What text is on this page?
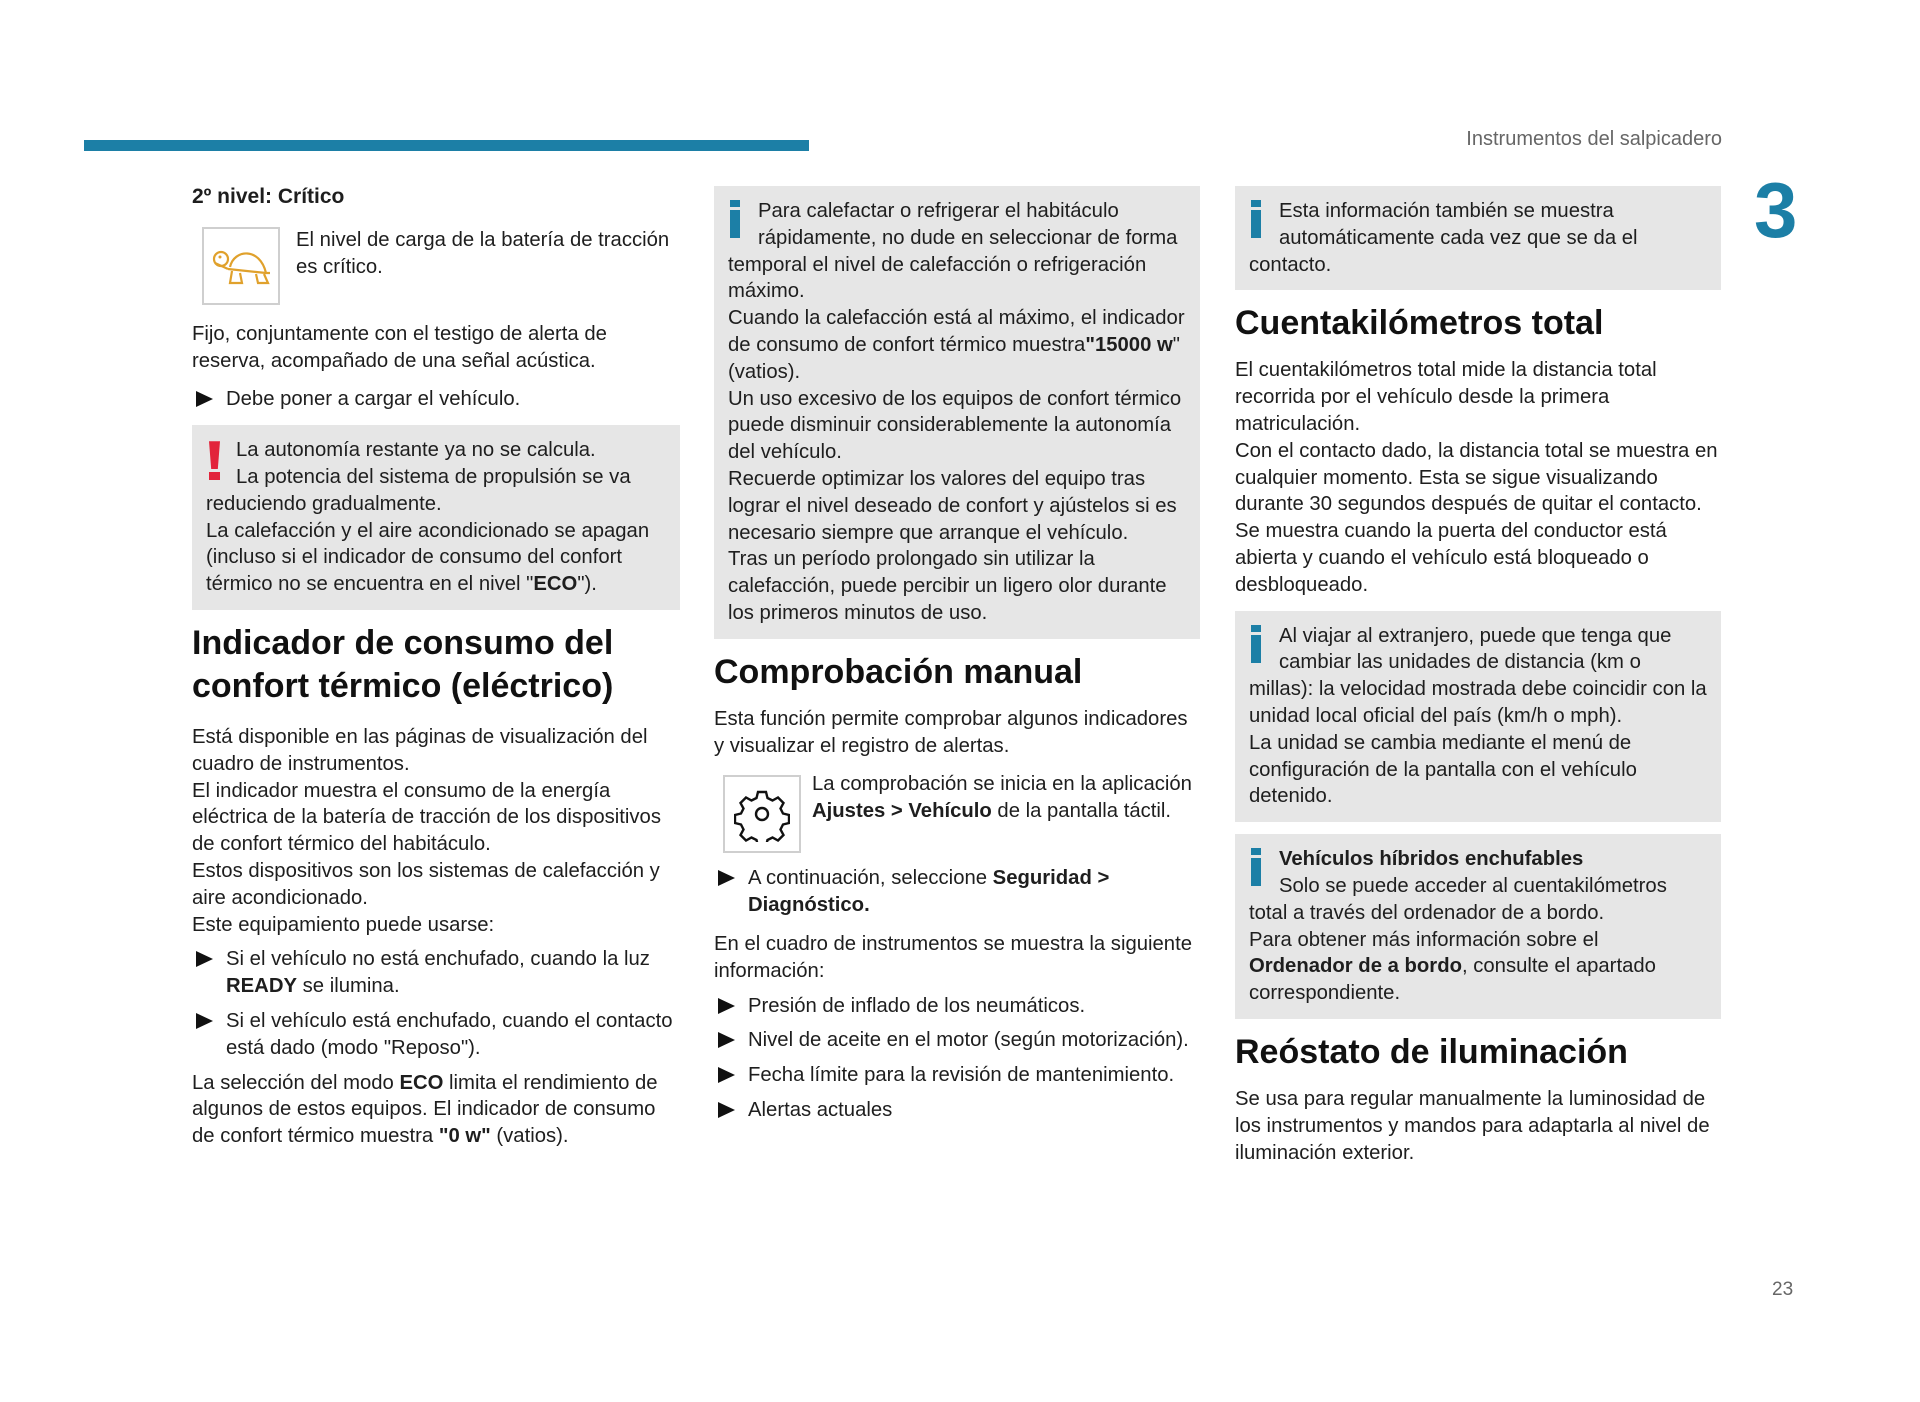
Instrumentos del salpicadero
3
23
2º nivel: Crítico
El nivel de carga de la batería de tracción es crítico.
Fijo, conjuntamente con el testigo de alerta de reserva, acompañado de una señal acústica.
Debe poner a cargar el vehículo.
La autonomía restante ya no se calcula.
La potencia del sistema de propulsión se va reduciendo gradualmente.
La calefacción y el aire acondicionado se apagan (incluso si el indicador de consumo del confort térmico no se encuentra en el nivel "ECO").
Indicador de consumo del confort térmico (eléctrico)
Está disponible en las páginas de visualización del cuadro de instrumentos.
El indicador muestra el consumo de la energía eléctrica de la batería de tracción de los dispositivos de confort térmico del habitáculo.
Estos dispositivos son los sistemas de calefacción y aire acondicionado.
Este equipamiento puede usarse:
Si el vehículo no está enchufado, cuando la luz READY se ilumina.
Si el vehículo está enchufado, cuando el contacto está dado (modo "Reposo").
La selección del modo ECO limita el rendimiento de algunos de estos equipos. El indicador de consumo de confort térmico muestra "0 w" (vatios).
Para calefactar o refrigerar el habitáculo rápidamente, no dude en seleccionar de forma temporal el nivel de calefacción o refrigeración máximo.
Cuando la calefacción está al máximo, el indicador de consumo de confort térmico muestra"15000 w" (vatios).
Un uso excesivo de los equipos de confort térmico puede disminuir considerablemente la autonomía del vehículo.
Recuerde optimizar los valores del equipo tras lograr el nivel deseado de confort y ajústelos si es necesario siempre que arranque el vehículo.
Tras un período prolongado sin utilizar la calefacción, puede percibir un ligero olor durante los primeros minutos de uso.
Comprobación manual
Esta función permite comprobar algunos indicadores y visualizar el registro de alertas.
La comprobación se inicia en la aplicación Ajustes > Vehículo de la pantalla táctil.
A continuación, seleccione Seguridad > Diagnóstico.
En el cuadro de instrumentos se muestra la siguiente información:
Presión de inflado de los neumáticos.
Nivel de aceite en el motor (según motorización).
Fecha límite para la revisión de mantenimiento.
Alertas actuales
Esta información también se muestra automáticamente cada vez que se da el contacto.
Cuentakilómetros total
El cuentakilómetros total mide la distancia total recorrida por el vehículo desde la primera matriculación.
Con el contacto dado, la distancia total se muestra en cualquier momento. Esta se sigue visualizando durante 30 segundos después de quitar el contacto. Se muestra cuando la puerta del conductor está abierta y cuando el vehículo está bloqueado o desbloqueado.
Al viajar al extranjero, puede que tenga que cambiar las unidades de distancia (km o millas): la velocidad mostrada debe coincidir con la unidad local oficial del país (km/h o mph).
La unidad se cambia mediante el menú de configuración de la pantalla con el vehículo detenido.
Vehículos híbridos enchufables
Solo se puede acceder al cuentakilómetros total a través del ordenador de a bordo.
Para obtener más información sobre el Ordenador de a bordo, consulte el apartado correspondiente.
Reóstato de iluminación
Se usa para regular manualmente la luminosidad de los instrumentos y mandos para adaptarla al nivel de iluminación exterior.
